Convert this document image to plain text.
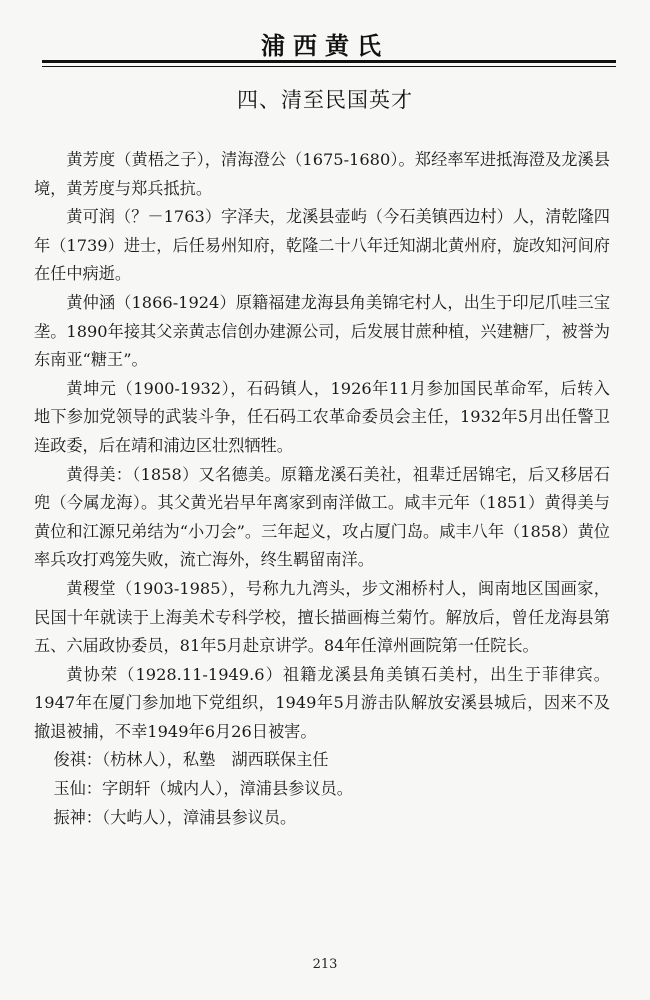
浦西黄氏
四、清至民国英才

黄芳度（黄梧之子），清海澄公（1675-1680）。郑经率军进抵海澄及龙溪县境，黄芳度与郑兵抵抗。

黄可润（？－1763）字泽夫，龙溪县壶屿（今石美镇西边村）人，清乾隆四年（1739）进士，后任易州知府，乾隆二十八年迁知湖北黄州府，旋改知河间府在任中病逝。

黄仲涵（1866-1924）原籍福建龙海县角美锦宅村人，出生于印尼爪哇三宝垄。1890年接其父亲黄志信创办建源公司，后发展甘蔗种植，兴建糖厂，被誉为东南亚“糖王”。

黄坤元（1900-1932），石码镇人，1926年11月参加国民革命军，后转入地下参加党领导的武装斗争，任石码工农革命委员会主任，1932年5月出任警卫连政委，后在靖和浦边区壮烈牺牲。

黄得美：（1858）又名德美。原籍龙溪石美社，祖辈迁居锦宅，后又移居石兜（今属龙海）。其父黄光岩早年离家到南洋做工。咸丰元年（1851）黄得美与黄位和江源兄弟结为“小刀会”。三年起义，攻占厦门岛。咸丰八年（1858）黄位率兵攻打鸡笼失败，流亡海外，终生羁留南洋。

黄稷堂（1903-1985），号称九九湾头，步文湘桥村人，闽南地区国画家，民国十年就读于上海美术专科学校，擅长描画梅兰菊竹。解放后，曾任龙海县第五、六届政协委员，81年5月赴京讲学。84年任漳州画院第一任院长。

黄协荣（1928.11-1949.6）祖籍龙溪县角美镇石美村，出生于菲律宾。1947年在厦门参加地下党组织，1949年5月游击队解放安溪县城后，因来不及撤退被捕，不幸1949年6月26日被害。

俊祺：（枋林人），私塾　湖西联保主任

玉仙：字朗轩（城内人），漳浦县参议员。

振神：（大屿人），漳浦县参议员。

213
